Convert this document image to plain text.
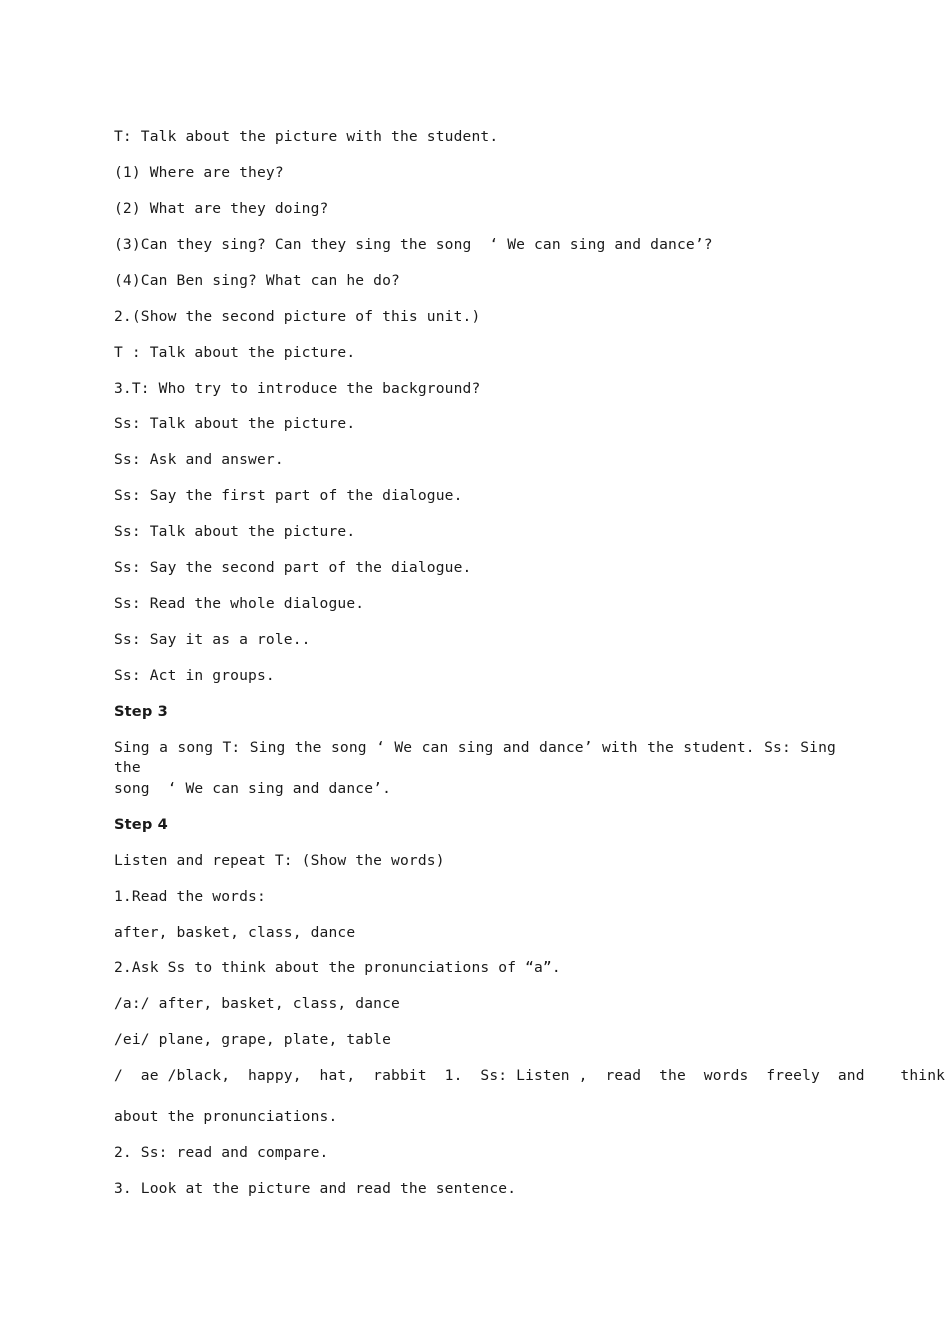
T: Talk about the picture with the student.
(1) Where are they?
(2) What are they doing?
(3)Can they sing? Can they sing the song  ‘ We can sing and dance’?
(4)Can Ben sing? What can he do?
2.(Show the second picture of this unit.)
T : Talk about the picture.
3.T: Who try to introduce the background?
Ss: Talk about the picture.
Ss: Ask and answer.
Ss: Say the first part of the dialogue.
Ss: Talk about the picture.
Ss: Say the second part of the dialogue.
Ss: Read the whole dialogue.
Ss: Say it as a role..
Ss: Act in groups.
Step 3
Sing a song T: Sing the song ‘ We can sing and dance’ with the student. Ss: Sing the
song  ‘ We can sing and dance’.
Step 4
Listen and repeat T: (Show the words)
1.Read the words:
after, basket, class, dance
2.Ask Ss to think about the pronunciations of “a”.
/a:/ after, basket, class, dance
/ei/ plane, grape, plate, table
/  ae /black,  happy,  hat,  rabbit  1.  Ss: Listen ,  read  the  words  freely  and    think
about the pronunciations.
2. Ss: read and compare.
3. Look at the picture and read the sentence.
